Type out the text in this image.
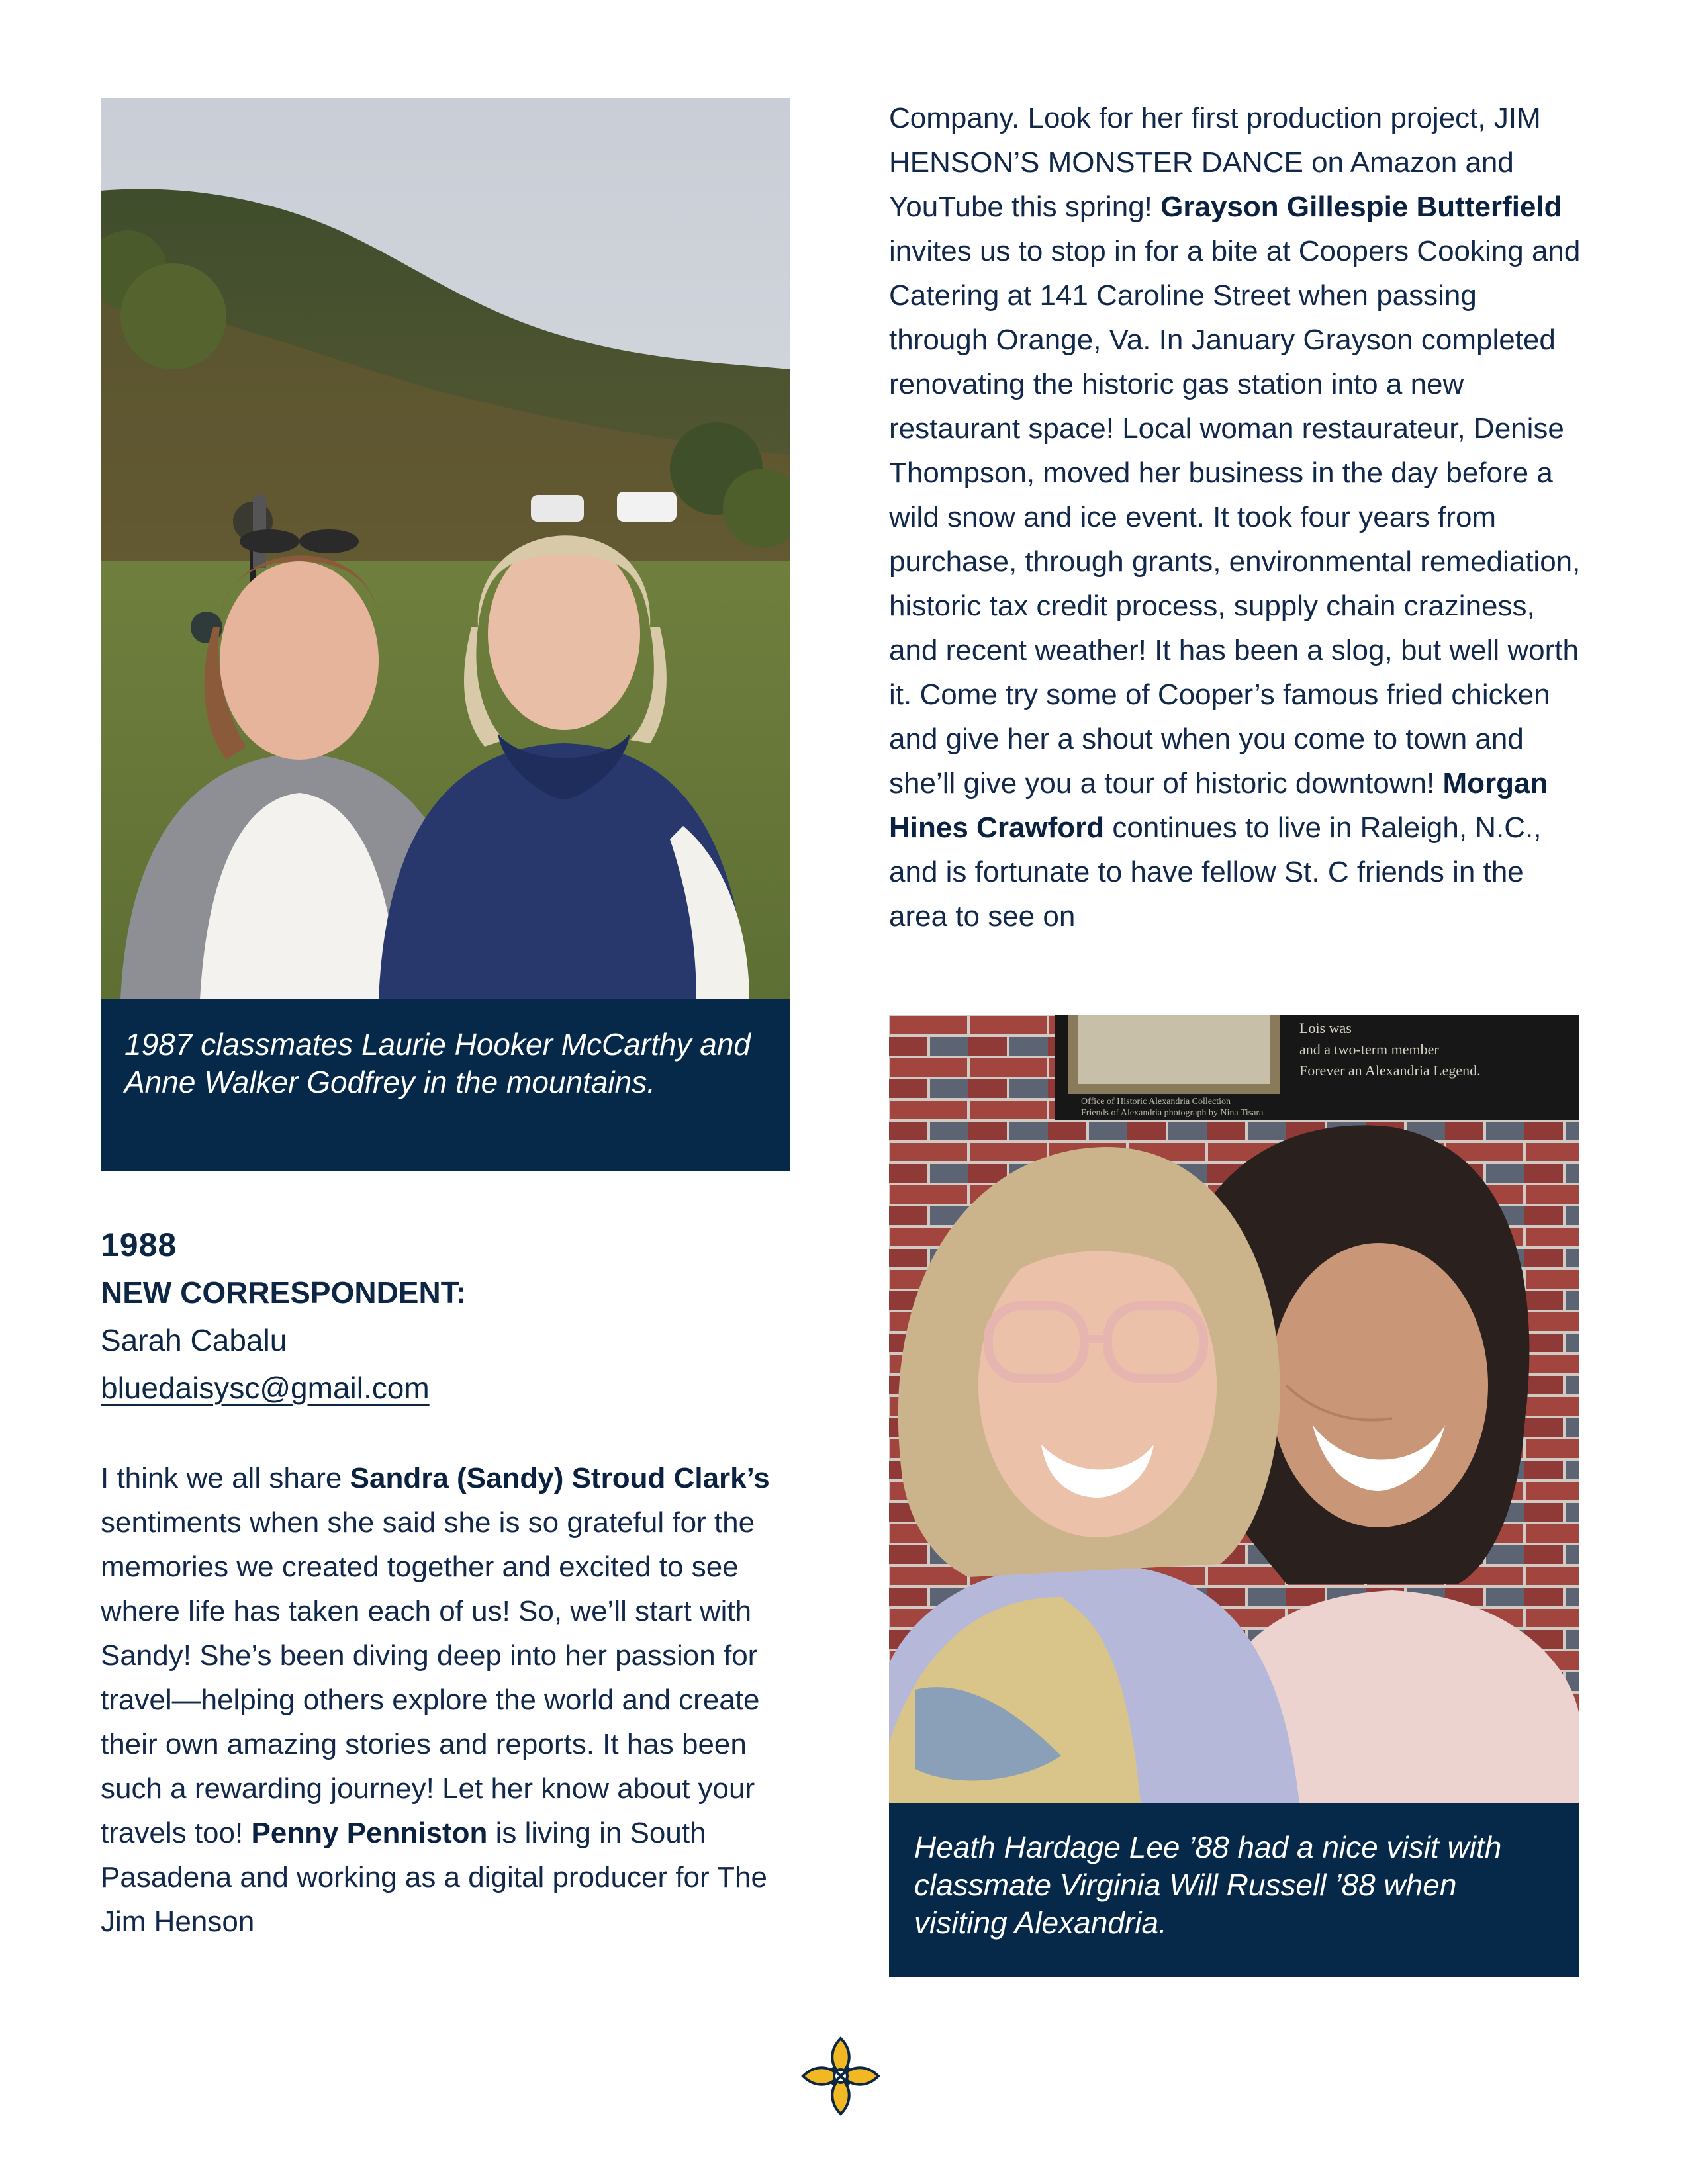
1987 classmates Laurie Hooker McCarthy and Anne Walker Godfrey in the mountains.

1988
NEW CORRESPONDENT:
Sarah Cabalu
bluedaisysc@gmail.com

I think we all share Sandra (Sandy) Stroud Clark’s sentiments when she said she is so grateful for the memories we created together and excited to see where life has taken each of us! So, we’ll start with Sandy! She’s been diving deep into her passion for travel—helping others explore the world and create their own amazing stories and reports. It has been such a rewarding journey! Let her know about your travels too! Penny Penniston is living in South Pasadena and working as a digital producer for The Jim Henson

Company. Look for her first production project, JIM HENSON’S MONSTER DANCE on Amazon and YouTube this spring! Grayson Gillespie Butterfield invites us to stop in for a bite at Coopers Cooking and Catering at 141 Caroline Street when passing through Orange, Va. In January Grayson completed renovating the historic gas station into a new restaurant space! Local woman restaurateur, Denise Thompson, moved her business in the day before a wild snow and ice event. It took four years from purchase, through grants, environmental remediation, historic tax credit process, supply chain craziness, and recent weather! It has been a slog, but well worth it. Come try some of Cooper’s famous fried chicken and give her a shout when you come to town and she’ll give you a tour of historic downtown! Morgan Hines Crawford continues to live in Raleigh, N.C., and is fortunate to have fellow St. C friends in the area to see on

Lois was
and a two-term member
Forever an Alexandria Legend.
Office of Historic Alexandria Collection
Friends of Alexandria photograph by Nina Tisara

Heath Hardage Lee ’88 had a nice visit with classmate Virginia Will Russell ’88 when visiting Alexandria.
